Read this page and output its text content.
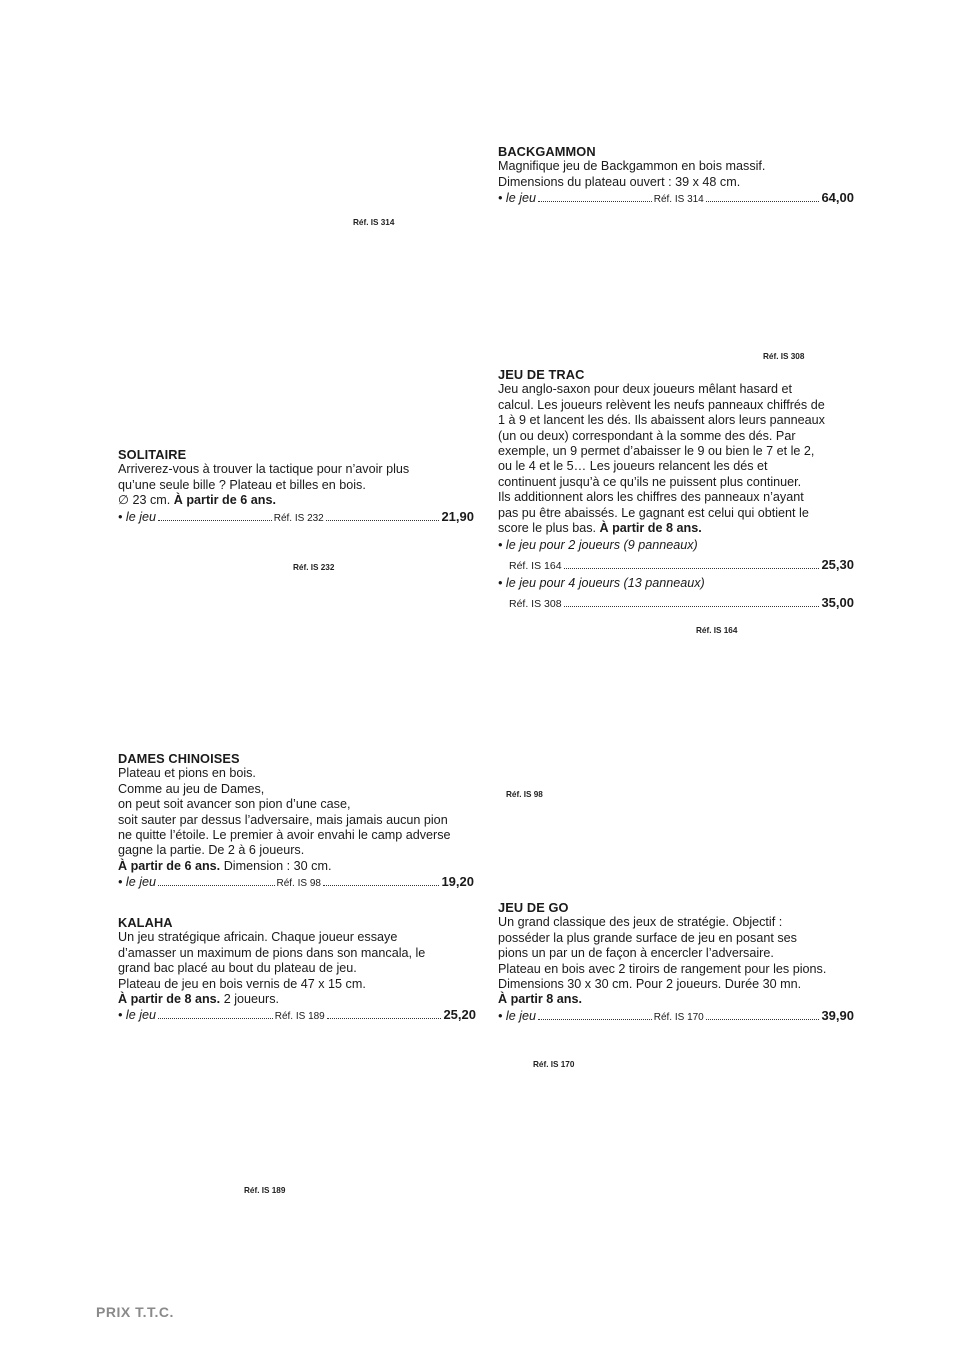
BACKGAMMON
Magnifique jeu de Backgammon en bois massif.
Dimensions du plateau ouvert : 39 x 48 cm.
• le jeu	Réf. IS 314	64,00
JEU DE TRAC
Jeu anglo-saxon pour deux joueurs mêlant hasard et
calcul. Les joueurs relèvent les neufs panneaux chiffrés de
1 à 9 et lancent les dés. Ils abaissent alors leurs panneaux
(un ou deux) correspondant à la somme des dés. Par
exemple, un 9 permet d’abaisser le 9 ou bien le 7 et le 2,
ou le 4 et le 5… Les joueurs relancent les dés et
continuent jusqu’à ce qu’ils ne puissent plus continuer.
Ils additionnent alors les chiffres des panneaux n’ayant
pas pu être abaissés. Le gagnant est celui qui obtient le
score le plus bas. À partir de 8 ans.
• le jeu pour 2 joueurs (9 panneaux)
Réf. IS 164	25,30
• le jeu pour 4 joueurs (13 panneaux)
Réf. IS 308	35,00
SOLITAIRE
Arriverez-vous à trouver la tactique pour n’avoir plus
qu’une seule bille ? Plateau et billes en bois.
∅ 23 cm. À partir de 6 ans.
• le jeu	Réf. IS 232	21,90
DAMES CHINOISES
Plateau et pions en bois.
Comme au jeu de Dames,
on peut soit avancer son pion d’une case,
soit sauter par dessus l’adversaire, mais jamais aucun pion
ne quitte l’étoile. Le premier à avoir envahi le camp adverse
gagne la partie. De 2 à 6 joueurs.
À partir de 6 ans. Dimension : 30 cm.
• le jeu	Réf. IS 98	19,20
KALAHA
Un jeu stratégique africain. Chaque joueur essaye
d’amasser un maximum de pions dans son mancala, le
grand bac placé au bout du plateau de jeu.
Plateau de jeu en bois vernis de 47 x 15 cm.
À partir de 8 ans. 2 joueurs.
• le jeu	Réf. IS 189	25,20
JEU DE GO
Un grand classique des jeux de stratégie. Objectif :
posséder la plus grande surface de jeu en posant ses
pions un par un de façon à encercler l’adversaire.
Plateau en bois avec 2 tiroirs de rangement pour les pions.
Dimensions 30 x 30 cm. Pour 2 joueurs. Durée 30 mn.
À partir 8 ans.
• le jeu	Réf. IS 170	39,90
Réf. IS 314
Réf. IS 308
Réf. IS 232
Réf. IS 164
Réf. IS 98
Réf. IS 170
Réf. IS 189
PRIX T.T.C.
